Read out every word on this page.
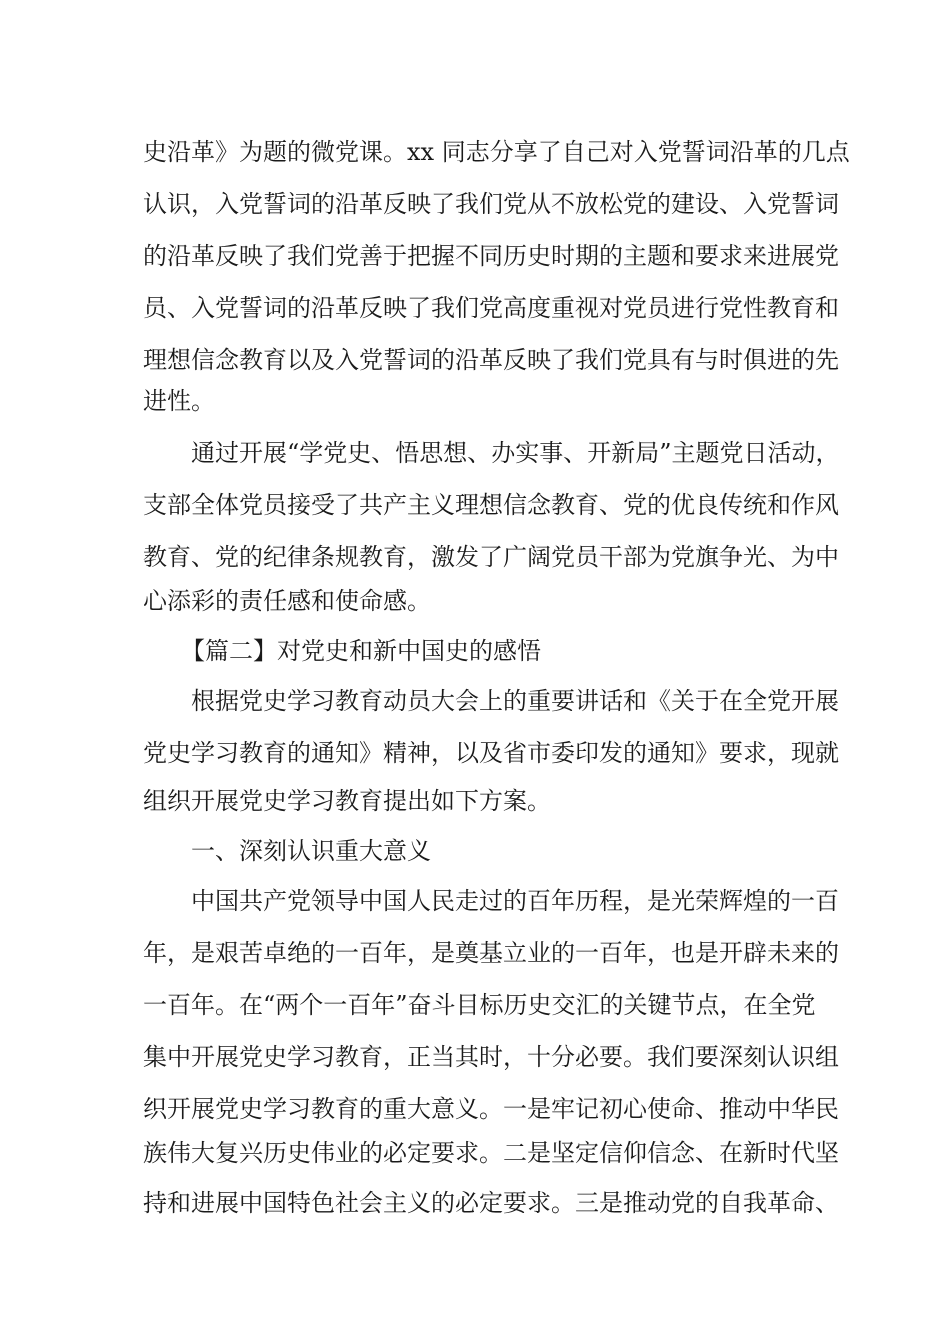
史沿革》为题的微党课。xx 同志分享了自己对入党誓词沿革的几点
认识，入党誓词的沿革反映了我们党从不放松党的建设、入党誓词
的沿革反映了我们党善于把握不同历史时期的主题和要求来进展党
员、入党誓词的沿革反映了我们党高度重视对党员进行党性教育和
理想信念教育以及入党誓词的沿革反映了我们党具有与时俱进的先
进性。
通过开展“学党史、悟思想、办实事、开新局”主题党日活动，
支部全体党员接受了共产主义理想信念教育、党的优良传统和作风
教育、党的纪律条规教育，激发了广阔党员干部为党旗争光、为中
心添彩的责任感和使命感。
【篇二】对党史和新中国史的感悟
根据党史学习教育动员大会上的重要讲话和《关于在全党开展
党史学习教育的通知》精神，以及省市委印发的通知》要求，现就
组织开展党史学习教育提出如下方案。
一、深刻认识重大意义
中国共产党领导中国人民走过的百年历程，是光荣辉煌的一百
年，是艰苦卓绝的一百年，是奠基立业的一百年，也是开辟未来的
一百年。在“两个一百年”奋斗目标历史交汇的关键节点，在全党
集中开展党史学习教育，正当其时，十分必要。我们要深刻认识组
织开展党史学习教育的重大意义。一是牢记初心使命、推动中华民
族伟大复兴历史伟业的必定要求。二是坚定信仰信念、在新时代坚
持和进展中国特色社会主义的必定要求。三是推动党的自我革命、
